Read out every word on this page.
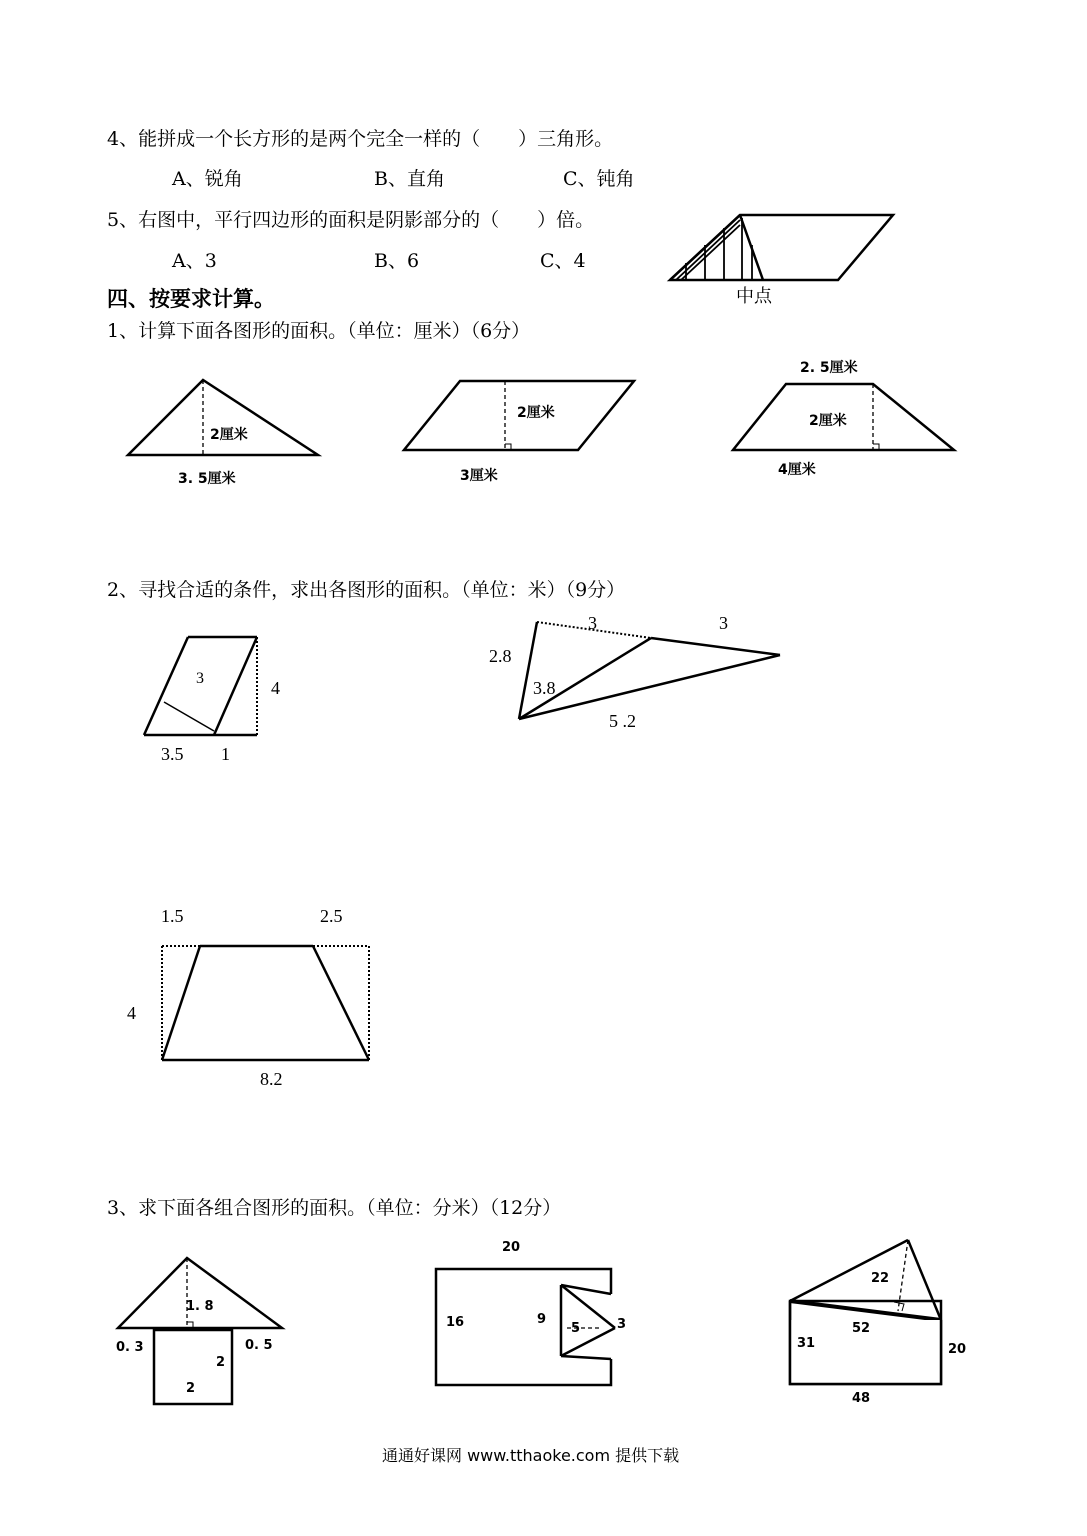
4、能拼成一个长方形的是两个完全一样的（　　）三角形。
A、锐角	B、直角	C、钝角
5、右图中，平行四边形的面积是阴影部分的（　　）倍。
A、3	B、6	C、4
中点
四、按要求计算。
1、计算下面各图形的面积。（单位：厘米）（6分）
2厘米
3. 5厘米
2厘米
3厘米
2. 5厘米
2厘米
4厘米
2、寻找合适的条件，求出各图形的面积。（单位：米）（9分）
3	4
3.5 1
3	3
2.8
3.8
5 .2
1.5	2.5
4
8.2
3、求下面各组合图形的面积。（单位：分米）（12分）
1. 8
0. 3	0. 5
2
2
20
16	9
5	3
22
52
31	20
48
通通好课网 www.tthaoke.com 提供下载
